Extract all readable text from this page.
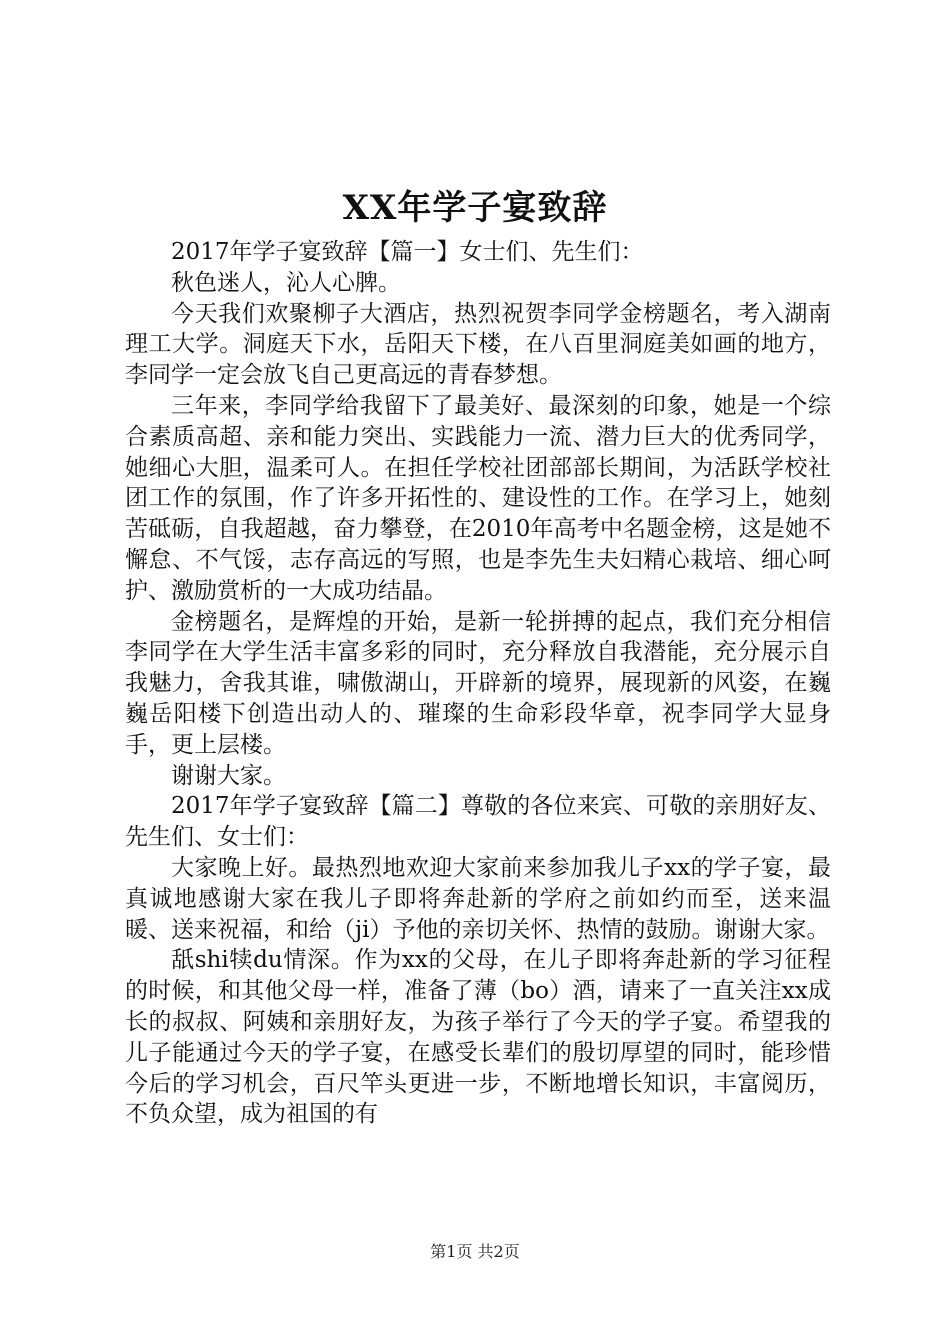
XX年学子宴致辞

2017年学子宴致辞【篇一】女士们、先生们：

秋色迷人，沁人心脾。

今天我们欢聚柳子大酒店，热烈祝贺李同学金榜题名，考入湖南理工大学。洞庭天下水，岳阳天下楼，在八百里洞庭美如画的地方，李同学一定会放飞自己更高远的青春梦想。

三年来，李同学给我留下了最美好、最深刻的印象，她是一个综合素质高超、亲和能力突出、实践能力一流、潜力巨大的优秀同学，她细心大胆，温柔可人。在担任学校社团部部长期间，为活跃学校社团工作的氛围，作了许多开拓性的、建设性的工作。在学习上，她刻苦砥砺，自我超越，奋力攀登，在2010年高考中名题金榜，这是她不懈怠、不气馁，志存高远的写照，也是李先生夫妇精心栽培、细心呵护、激励赏析的一大成功结晶。

金榜题名，是辉煌的开始，是新一轮拼搏的起点，我们充分相信李同学在大学生活丰富多彩的同时，充分释放自我潜能，充分展示自我魅力，舍我其谁，啸傲湖山，开辟新的境界，展现新的风姿，在巍巍岳阳楼下创造出动人的、璀璨的生命彩段华章，祝李同学大显身手，更上层楼。

谢谢大家。

2017年学子宴致辞【篇二】尊敬的各位来宾、可敬的亲朋好友、先生们、女士们：

大家晚上好。最热烈地欢迎大家前来参加我儿子xx的学子宴，最真诚地感谢大家在我儿子即将奔赴新的学府之前如约而至，送来温暖、送来祝福，和给（ji）予他的亲切关怀、热情的鼓励。谢谢大家。

舐shi犊du情深。作为xx的父母，在儿子即将奔赴新的学习征程的时候，和其他父母一样，准备了薄（bo）酒，请来了一直关注xx成长的叔叔、阿姨和亲朋好友，为孩子举行了今天的学子宴。希望我的儿子能通过今天的学子宴，在感受长辈们的殷切厚望的同时，能珍惜今后的学习机会，百尺竿头更进一步，不断地增长知识，丰富阅历，不负众望，成为祖国的有

第1页 共2页
